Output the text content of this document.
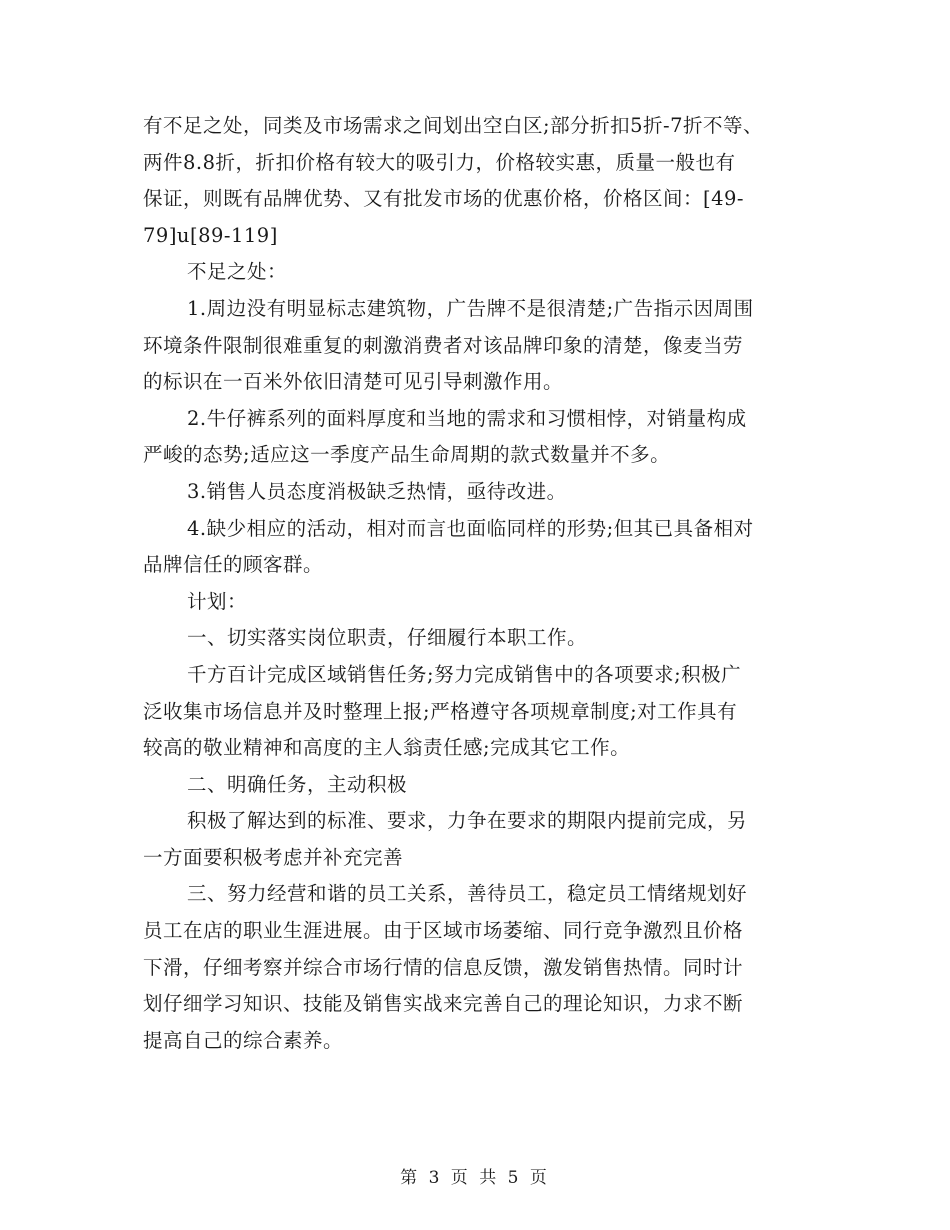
有不足之处，同类及市场需求之间划出空白区;部分折扣5折-7折不等、
两件8.8折，折扣价格有较大的吸引力，价格较实惠，质量一般也有
保证，则既有品牌优势、又有批发市场的优惠价格，价格区间：[49-
79]u[89-119]
不足之处：
1.周边没有明显标志建筑物，广告牌不是很清楚;广告指示因周围
环境条件限制很难重复的刺激消费者对该品牌印象的清楚，像麦当劳
的标识在一百米外依旧清楚可见引导刺激作用。
2.牛仔裤系列的面料厚度和当地的需求和习惯相悖，对销量构成
严峻的态势;适应这一季度产品生命周期的款式数量并不多。
3.销售人员态度消极缺乏热情，亟待改进。
4.缺少相应的活动，相对而言也面临同样的形势;但其已具备相对
品牌信任的顾客群。
计划：
一、切实落实岗位职责，仔细履行本职工作。
千方百计完成区域销售任务;努力完成销售中的各项要求;积极广
泛收集市场信息并及时整理上报;严格遵守各项规章制度;对工作具有
较高的敬业精神和高度的主人翁责任感;完成其它工作。
二、明确任务，主动积极
积极了解达到的标准、要求，力争在要求的期限内提前完成，另
一方面要积极考虑并补充完善
三、努力经营和谐的员工关系，善待员工，稳定员工情绪规划好
员工在店的职业生涯进展。由于区域市场萎缩、同行竞争激烈且价格
下滑，仔细考察并综合市场行情的信息反馈，激发销售热情。同时计
划仔细学习知识、技能及销售实战来完善自己的理论知识，力求不断
提高自己的综合素养。
第 3 页 共 5 页
